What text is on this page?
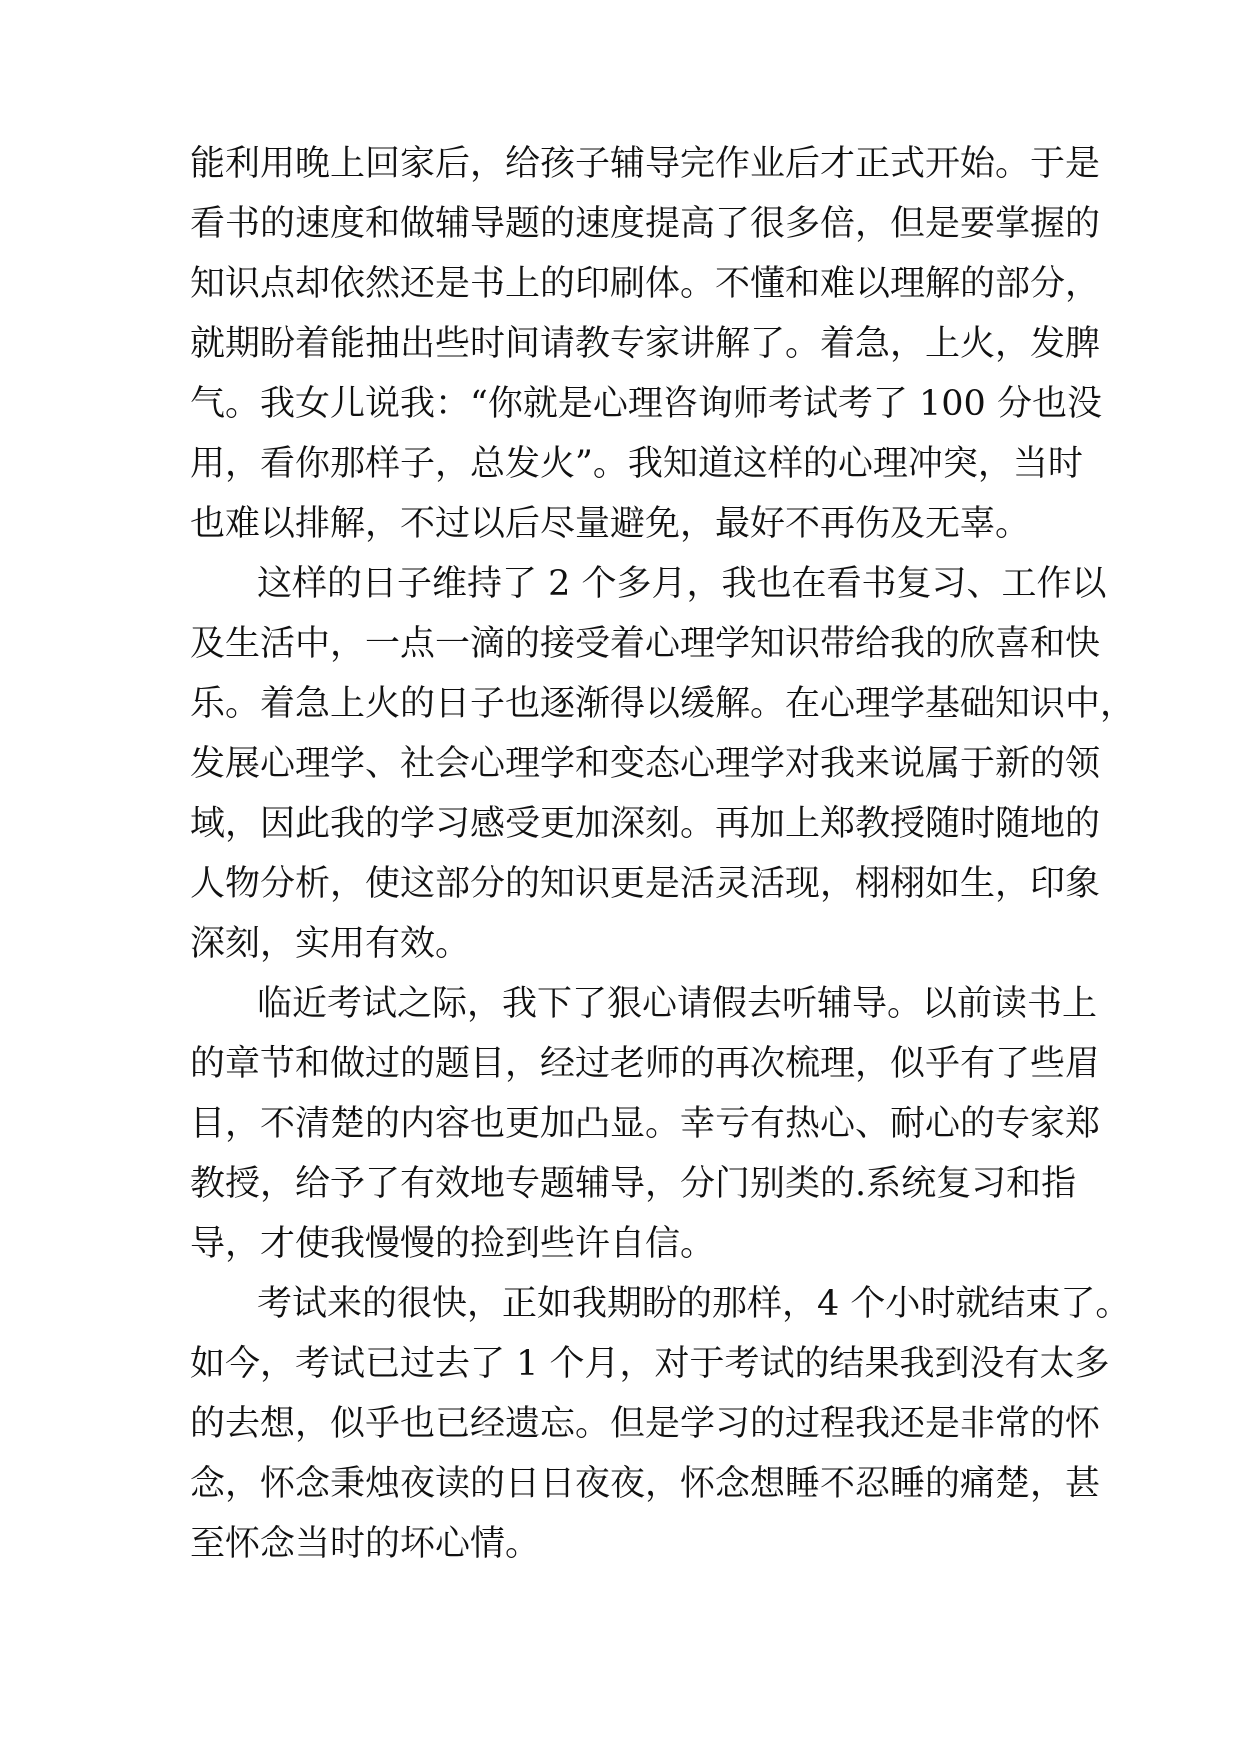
能利用晚上回家后，给孩子辅导完作业后才正式开始。于是
看书的速度和做辅导题的速度提高了很多倍，但是要掌握的
知识点却依然还是书上的印刷体。不懂和难以理解的部分，
就期盼着能抽出些时间请教专家讲解了。着急，上火，发脾
气。我女儿说我：“你就是心理咨询师考试考了 100 分也没
用，看你那样子，总发火”。我知道这样的心理冲突，当时
也难以排解，不过以后尽量避免，最好不再伤及无辜。
这样的日子维持了 2 个多月，我也在看书复习、工作以
及生活中，一点一滴的接受着心理学知识带给我的欣喜和快
乐。着急上火的日子也逐渐得以缓解。在心理学基础知识中，
发展心理学、社会心理学和变态心理学对我来说属于新的领
域，因此我的学习感受更加深刻。再加上郑教授随时随地的
人物分析，使这部分的知识更是活灵活现，栩栩如生，印象
深刻，实用有效。
临近考试之际，我下了狠心请假去听辅导。以前读书上
的章节和做过的题目，经过老师的再次梳理，似乎有了些眉
目，不清楚的内容也更加凸显。幸亏有热心、耐心的专家郑
教授，给予了有效地专题辅导，分门别类的.系统复习和指
导，才使我慢慢的捡到些许自信。
考试来的很快，正如我期盼的那样，4 个小时就结束了。
如今，考试已过去了 1 个月，对于考试的结果我到没有太多
的去想，似乎也已经遗忘。但是学习的过程我还是非常的怀
念，怀念秉烛夜读的日日夜夜，怀念想睡不忍睡的痛楚，甚
至怀念当时的坏心情。
